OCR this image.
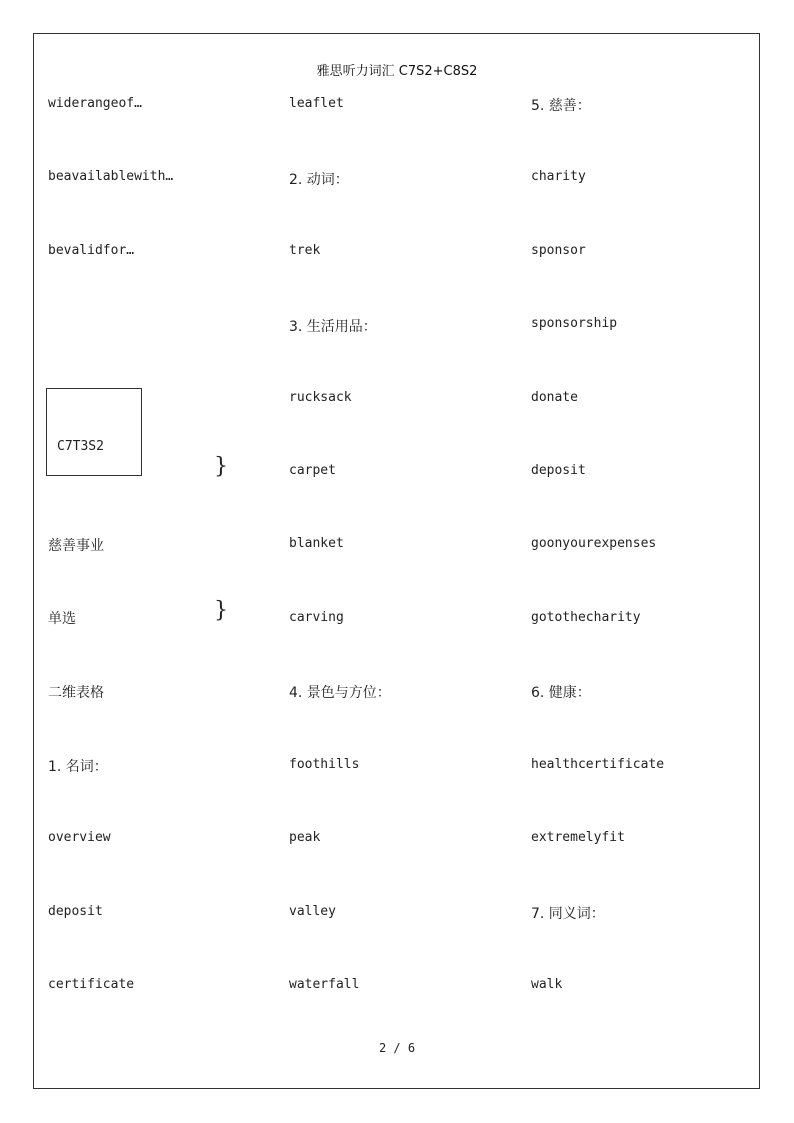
雅思听力词汇 C7S2+C8S2
widerangeof…
beavailablewith…
bevalidfor…
C7T3S2
慈善事业
单选
二维表格
1. 名词：
overview
deposit
certificate
}
}
leaflet
2. 动词：
trek
3. 生活用品：
rucksack
carpet
blanket
carving
4. 景色与方位：
foothills
peak
valley
waterfall
5. 慈善：
charity
sponsor
sponsorship
donate
deposit
goonyourexpenses
gotothecharity
6. 健康：
healthcertificate
extremelyfit
7. 同义词：
walk
2 / 6
